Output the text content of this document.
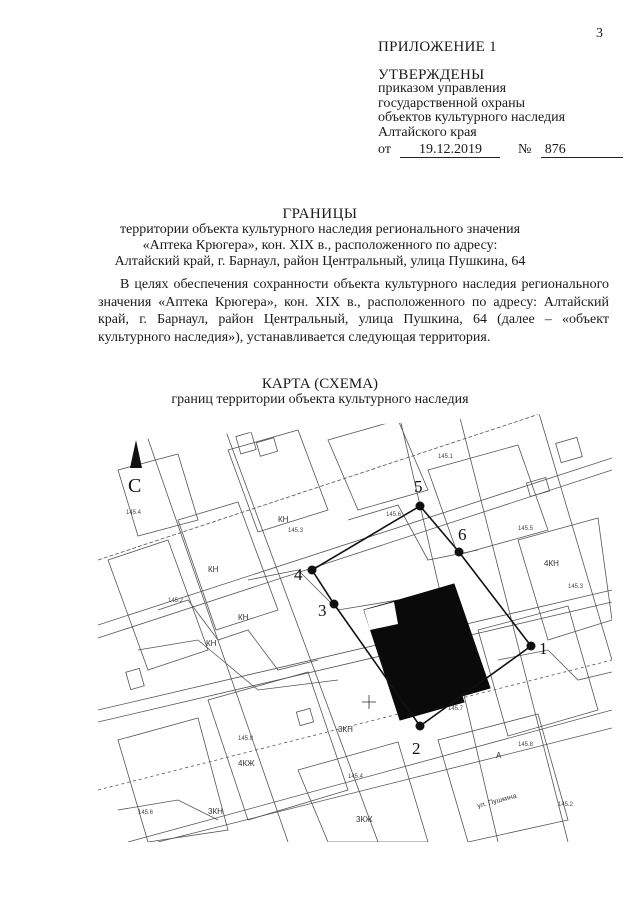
3
ПРИЛОЖЕНИЕ 1
УТВЕРЖДЕНЫ
приказом управления
государственной охраны
объектов культурного наследия
Алтайского края
от 19.12.2019	№ 876
ГРАНИЦЫ
территории объекта культурного наследия регионального значения
«Аптека Крюгера», кон. XIX в., расположенного по адресу:
Алтайский край, г. Барнаул, район Центральный, улица Пушкина, 64
В целях обеспечения сохранности объекта культурного наследия регионального значения «Аптека Крюгера», кон. XIX в., расположенного по адресу: Алтайский край, г. Барнаул, район Центральный, улица Пушкина, 64 (далее – «объект культурного наследия»), устанавливается следующая территория.
КАРТА (СХЕМА)
границ территории объекта культурного наследия
145.4
145.2
145.3
145.6
145.1
145.5
145.3
145.7
145.8
145.4
145.9
145.6
145.2
КН
КН
КН
КН
3КН
4КЖ
3КН
4КН
3КЖ
А
ул. Пушкина
1
2
3
4
5
6
С
